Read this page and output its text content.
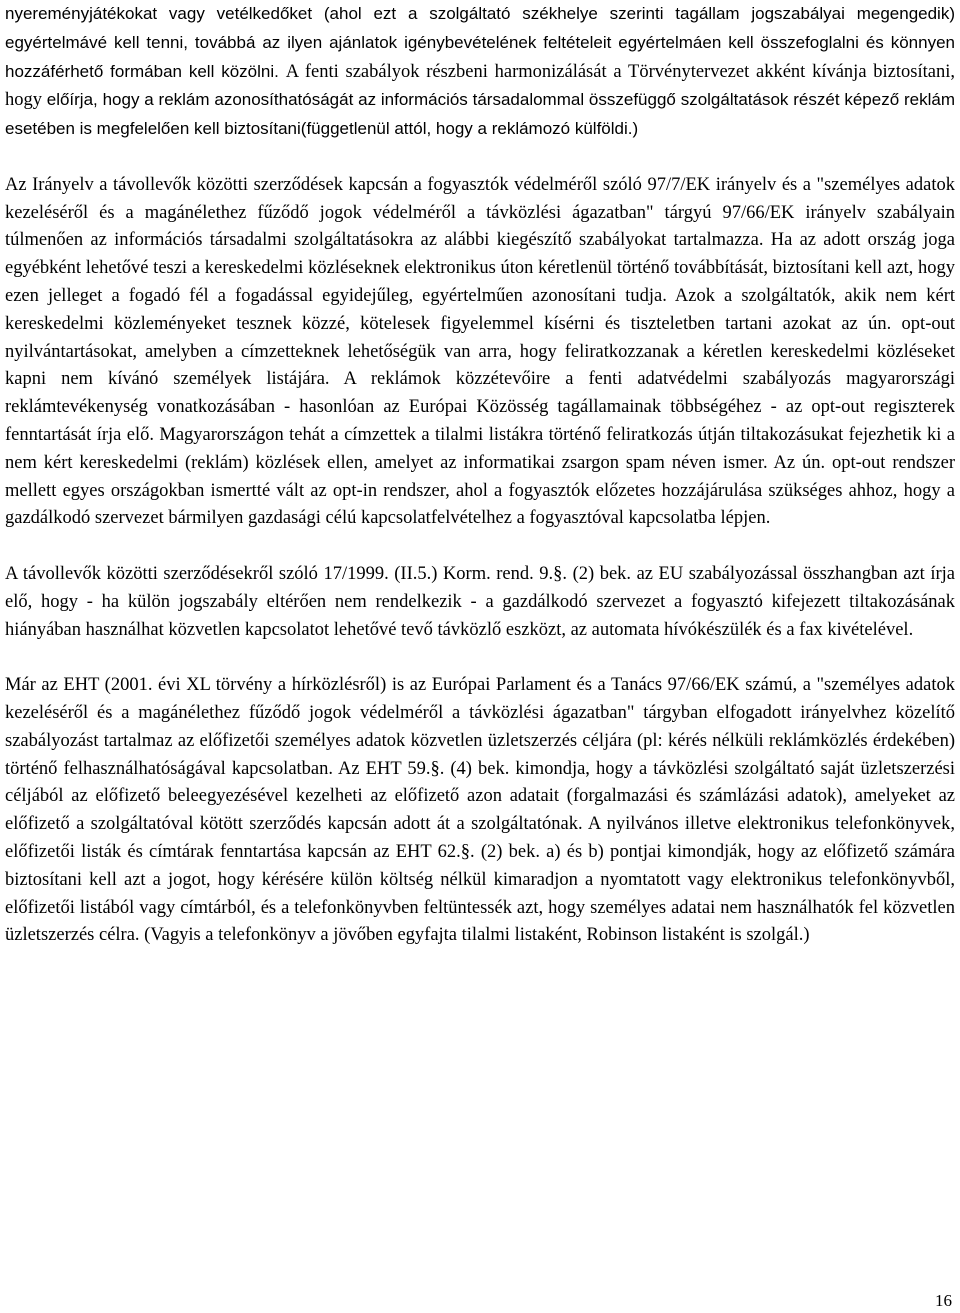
nyereményjátékokat vagy vetélkedőket (ahol ezt a szolgáltató székhelye szerinti tagállam jogszabályai megengedik) egyértelmávé kell tenni, továbbá az ilyen ajánlatok igénybevételének feltételeit egyértelmáen kell összefoglalni és könnyen hozzáférhető formában kell közölni. A fenti szabályok részbeni harmonizálását a Törvénytervezet akként kívánja biztosítani, hogy előírja, hogy a reklám azonosíthatóságát az információs társadalommal összefüggő szolgáltatások részét képező reklám esetében is megfelelően kell biztosítani(függetlenül attól, hogy a reklámozó külföldi.)

Az Irányelv a távollevők közötti szerződések kapcsán a fogyasztók védelméről szóló 97/7/EK irányelv és a "személyes adatok kezeléséről és a magánélethez fűződő jogok védelméről a távközlési ágazatban" tárgyú 97/66/EK irányelv szabályain túlmenően az információs társadalmi szolgáltatásokra az alábbi kiegészítő szabályokat tartalmazza. Ha az adott ország joga egyébként lehetővé teszi a kereskedelmi közléseknek elektronikus úton kéretlenül történő továbbítását, biztosítani kell azt, hogy ezen jelleget a fogadó fél a fogadással egyidejűleg, egyértelműen azonosítani tudja. Azok a szolgáltatók, akik nem kért kereskedelmi közleményeket tesznek közzé, kötelesek figyelemmel kísérni és tiszteletben tartani azokat az ún. opt-out nyilvántartásokat, amelyben a címzetteknek lehetőségük van arra, hogy feliratkozzanak a kéretlen kereskedelmi közléseket kapni nem kívánó személyek listájára. A reklámok közzétevőire a fenti adatvédelmi szabályozás magyarországi reklámtevékenység vonatkozásában - hasonlóan az Európai Közösség tagállamainak többségéhez - az opt-out regiszterek fenntartását írja elő. Magyarországon tehát a címzettek a tilalmi listákra történő feliratkozás útján tiltakozásukat fejezhetik ki a nem kért kereskedelmi (reklám) közlések ellen, amelyet az informatikai zsargon spam néven ismer. Az ún. opt-out rendszer mellett egyes országokban ismertté vált az opt-in rendszer, ahol a fogyasztók előzetes hozzájárulása szükséges ahhoz, hogy a gazdálkodó szervezet bármilyen gazdasági célú kapcsolatfelvételhez a fogyasztóval kapcsolatba lépjen.

A távollevők közötti szerződésekről szóló 17/1999. (II.5.) Korm. rend. 9.§. (2) bek. az EU szabályozással összhangban azt írja elő, hogy - ha külön jogszabály eltérően nem rendelkezik - a gazdálkodó szervezet a fogyasztó kifejezett tiltakozásának hiányában használhat közvetlen kapcsolatot lehetővé tevő távközlő eszközt, az automata hívókészülék és a fax kivételével.

Már az EHT (2001. évi XL törvény a hírközlésről) is az Európai Parlament és a Tanács 97/66/EK számú, a "személyes adatok kezeléséről és a magánélethez fűződő jogok védelméről a távközlési ágazatban" tárgyban elfogadott irányelvhez közelítő szabályozást tartalmaz az előfizetői személyes adatok közvetlen üzletszerzés céljára (pl: kérés nélküli reklámközlés érdekében) történő felhasználhatóságával kapcsolatban. Az EHT 59.§. (4) bek. kimondja, hogy a távközlési szolgáltató saját üzletszerzési céljából az előfizető beleegyezésével kezelheti az előfizető azon adatait (forgalmazási és számlázási adatok), amelyeket az előfizető a szolgáltatóval kötött szerződés kapcsán adott át a szolgáltatónak. A nyilvános illetve elektronikus telefonkönyvek, előfizetői listák és címtárak fenntartása kapcsán az EHT 62.§. (2) bek. a) és b) pontjai kimondják, hogy az előfizető számára biztosítani kell azt a jogot, hogy kérésére külön költség nélkül kimaradjon a nyomtatott vagy elektronikus telefonkönyvből, előfizetői listából vagy címtárból, és a telefonkönyvben feltüntessék azt, hogy személyes adatai nem használhatók fel közvetlen üzletszerzés célra. (Vagyis a telefonkönyv a jövőben egyfajta tilalmi listaként, Robinson listaként is szolgál.)

16
